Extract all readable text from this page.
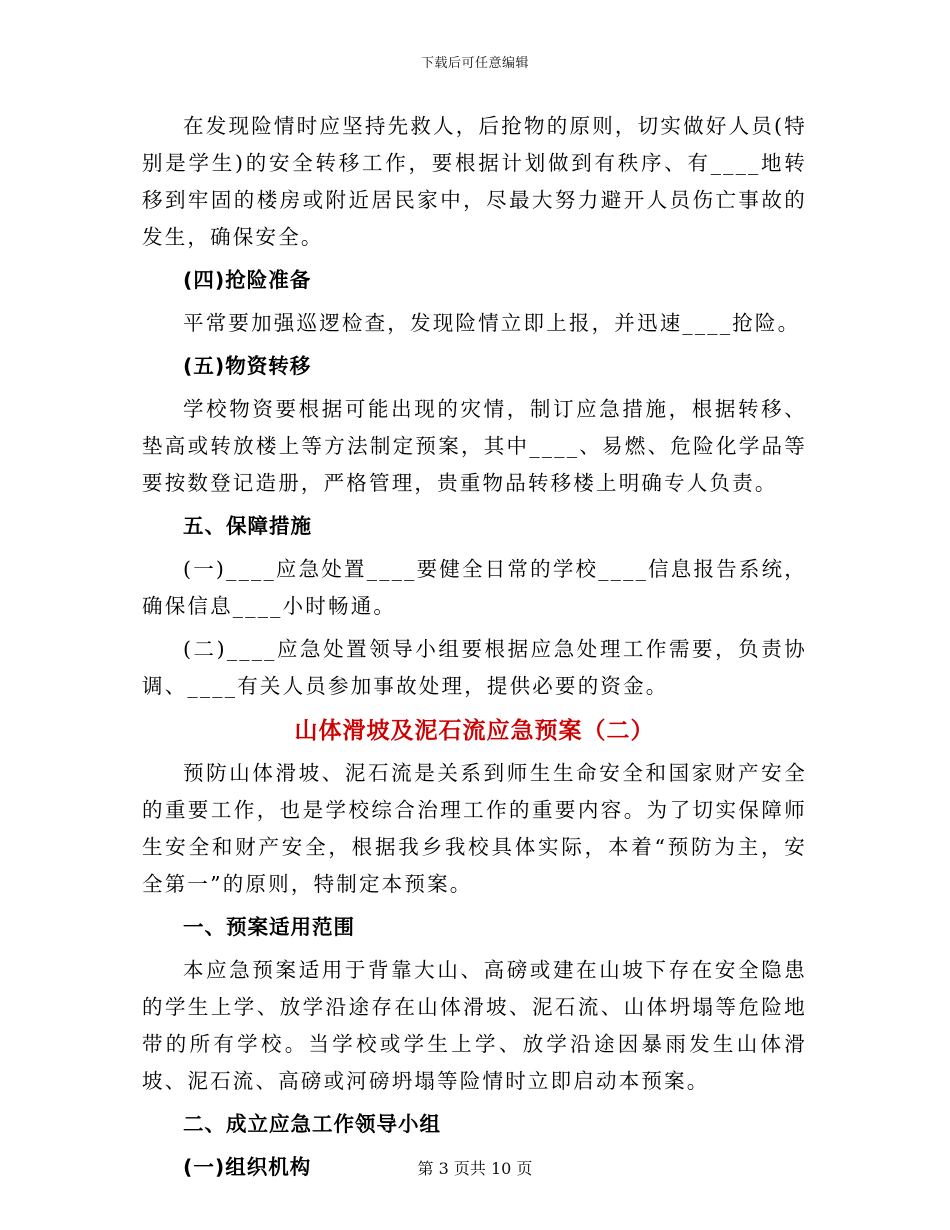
下载后可任意编辑

在发现险情时应坚持先救人，后抢物的原则，切实做好人员(特别是学生)的安全转移工作，要根据计划做到有秩序、有____地转移到牢固的楼房或附近居民家中，尽最大努力避开人员伤亡事故的发生，确保安全。

(四)抢险准备

平常要加强巡逻检查，发现险情立即上报，并迅速____抢险。

(五)物资转移

学校物资要根据可能出现的灾情，制订应急措施，根据转移、垫高或转放楼上等方法制定预案，其中____、易燃、危险化学品等要按数登记造册，严格管理，贵重物品转移楼上明确专人负责。

五、保障措施

(一)____应急处置____要健全日常的学校____信息报告系统，确保信息____小时畅通。

(二)____应急处置领导小组要根据应急处理工作需要，负责协调、____有关人员参加事故处理，提供必要的资金。

山体滑坡及泥石流应急预案（二）

预防山体滑坡、泥石流是关系到师生生命安全和国家财产安全的重要工作，也是学校综合治理工作的重要内容。为了切实保障师生安全和财产安全，根据我乡我校具体实际，本着“预防为主，安全第一”的原则，特制定本预案。

一、预案适用范围

本应急预案适用于背靠大山、高磅或建在山坡下存在安全隐患的学生上学、放学沿途存在山体滑坡、泥石流、山体坍塌等危险地带的所有学校。当学校或学生上学、放学沿途因暴雨发生山体滑坡、泥石流、高磅或河磅坍塌等险情时立即启动本预案。

二、成立应急工作领导小组

(一)组织机构	第 3 页共 10 页
